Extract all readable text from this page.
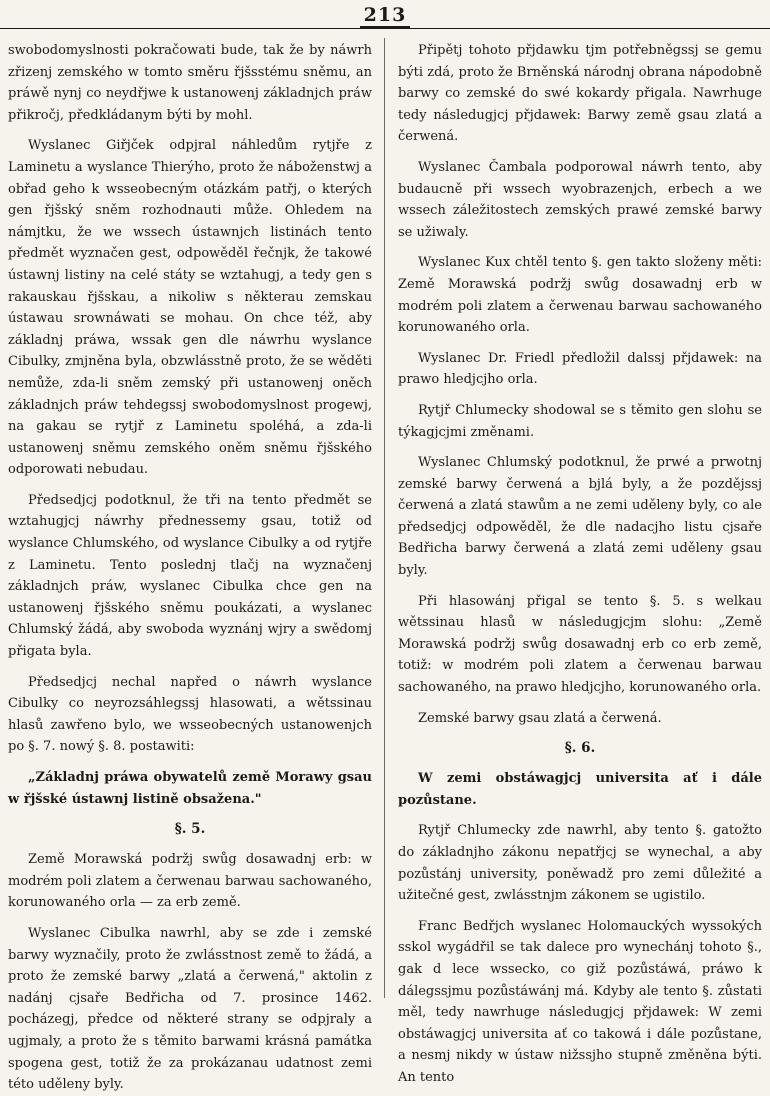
213

swobodomyslnosti pokračowati bude, tak že by náwrh zřizenj zemského w tomto směru řjšsstému sněmu, an práwě nynj co neydřjwe k ustanowenj základnjch práw přikročj, předkládanym býti by mohl.

Wyslanec Giřjček odpjral náhledům rytjře z Laminetu a wyslance Thierýho, proto že náboženstwj a obřad geho k wsseobecným otázkám patřj, o kterých gen řjšský sněm rozhodnauti může. Ohledem na námjtku, že we wssech ústawnjch listinách tento předmět wyznačen gest, odpowěděl řečnjk, že takowé ústawnj listiny na celé státy se wztahugj, a tedy gen s rakauskau řjšskau, a nikoliw s některau zemskau ústawau srownáwati se mohau. On chce též, aby základnj práwa, wssak gen dle náwrhu wyslance Cibulky, zmjněna byla, obzwlásstně proto, že se wěděti nemůže, zda-li sněm zemský při ustanowenj oněch základnjch práw tehdegssj swobodomyslnost progewj, na gakau se rytjř z Laminetu spoléhá, a zda-li ustanowenj sněmu zemského oněm sněmu řjšského odporowati nebudau.

Předsedjcj podotknul, že tři na tento předmět se wztahugjcj náwrhy přednessemy gsau, totiž od wyslance Chlumského, od wyslance Cibulky a od rytjře z Laminetu. Tento poslednj tlačj na wyznačenj základnjch práw, wyslanec Cibulka chce gen na ustanowenj řjšského sněmu poukázati, a wyslanec Chlumský žádá, aby swoboda wyznánj wjry a swědomj přigata byla.

Předsedjcj nechal napřed o náwrh wyslance Cibulky co neyrozsáhlegssj hlasowati, a wětssinau hlasů zawřeno bylo, we wsseobecných ustanowenjch po §. 7. nowý §. 8. postawiti:

„Základnj práwa obywatelů země Morawy gsau w řjšské ústawnj listině obsažena."

§. 5.

Země Morawská podržj swůg dosawadnj erb: w modrém poli zlatem a čerwenau barwau sachowaného, korunowaného orla — za erb země.

Wyslanec Cibulka nawrhl, aby se zde i zemské barwy wyznačily, proto že zwlásstnost země to žádá, a proto že zemské barwy „zlatá a čerwená," aktolin z nadánj cjsaře Bedřicha od 7. prosince 1462. pocházegj, předce od některé strany se odpjraly a ugjmaly, a proto že s těmito barwami krásná památka spogena gest, totiž že za prokázanau udatnost zemi této uděleny byly.

Připětj tohoto přjdawku tjm potřebněgssj se gemu býti zdá, proto že Brněnská národnj obrana nápodobně barwy co zemské do swé kokardy přigala. Nawrhuge tedy následugjcj přjdawek: Barwy země gsau zlatá a čerwená.

Wyslanec Čambala podporowal náwrh tento, aby budaucně při wssech wyobrazenjch, erbech a we wssech záležitostech zemských prawé zemské barwy se užiwaly.

Wyslanec Kux chtěl tento §. gen takto složeny měti: Země Morawská podržj swůg dosawadnj erb w modrém poli zlatem a čerwenau barwau sachowaného korunowaného orla.

Wyslanec Dr. Friedl předložil dalssj přjdawek: na prawo hledjcjho orla.

Rytjř Chlumecky shodowal se s těmito gen slohu se týkagjcjmi změnami.

Wyslanec Chlumský podotknul, že prwé a prwotnj zemské barwy čerwená a bjlá byly, a že pozdějssj čerwená a zlatá stawům a ne zemi uděleny byly, co ale předsedjcj odpowěděl, že dle nadacjho listu cjsaře Bedřicha barwy čerwená a zlatá zemi uděleny gsau byly.

Při hlasowánj přigal se tento §. 5. s welkau wětssinau hlasů w následugjcjm slohu: „Země Morawská podržj swůg dosawadnj erb co erb země, totiž: w modrém poli zlatem a čerwenau barwau sachowaného, na prawo hledjcjho, korunowaného orla.

Zemské barwy gsau zlatá a čerwená.

§. 6.

W zemi obstáwagjcj universita ať i dále pozůstane.

Rytjř Chlumecky zde nawrhl, aby tento §. gatožto do základnjho zákonu nepatřjcj se wynechal, a aby pozůstánj university, poněwadž pro zemi důležité a užitečné gest, zwlásstnjm zákonem se ugistilo.

Franc Bedřjch wyslanec Holomauckých wyssokých sskol wygádřil se tak dalece pro wynechánj tohoto §., gak d lece wssecko, co giž pozůstáwá, práwo k dálegssjmu pozůstáwánj má. Kdyby ale tento §. zůstati měl, tedy nawrhuge následugjcj přjdawek: W zemi obstáwagjcj universita ať co takowá i dále pozůstane, a nesmj nikdy w ústaw nižssjho stupně změněna býti. An tento
